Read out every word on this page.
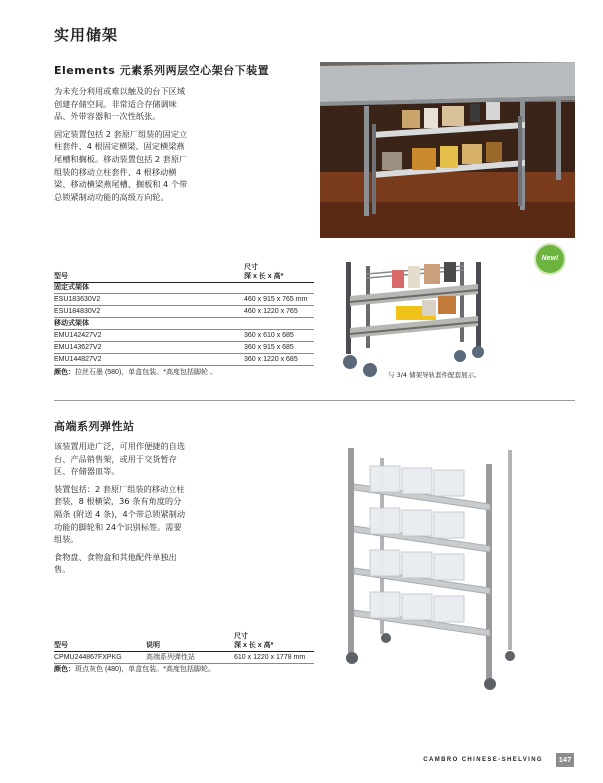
实用储架
Elements 元素系列两层空心架台下装置

为未充分利用或难以触及的台下区域创建存储空间。非常适合存储调味品、外带容器和一次性纸张。

固定装置包括 2 套原厂组装的固定立柱套件、4 根固定横梁、固定横梁燕尾槽和搁板。移动装置包括 2 套原厂组装的移动立柱套件、4 根移动横梁、移动横梁燕尾槽、搁板和 4 个带总锁紧制动功能的高级万向轮。

New!
尺寸
深 x 长 x 高*
型号
固定式架体
ESU183630V2	460 x 915 x 765 mm
ESU184830V2	460 x 1220 x 765
移动式架体
EMU142427V2	360 x 610 x 685
EMU143627V2	360 x 915 x 685
EMU144827V2	360 x 1220 x 685
颜色：拉丝石墨 (580)，单盒包装。*高度包括脚轮 。	与 3/4 储架导轨套件配套展示。
高端系列弹性站

该装置用途广泛，可用作便捷的自选台、产品销售架，或用于交货暂存区、存储器皿等。

装置包括：2 套原厂组装的移动立柱套装，8 根横梁，36 条有角度的分隔条 (附送 4 条)，4个带总锁紧制动功能的脚轮和 24个识别标签。需要组装。

食物盘、食物盒和其他配件单独出售。

尺寸
深 x 长 x 高*
型号	说明
CPMU244867FXPKG	高端系列弹性站	610 x 1220 x 1778 mm
颜色：斑点灰色 (480)，单盒包装。*高度包括脚轮。
CAMBRO CHINESE-SHELVING	147
